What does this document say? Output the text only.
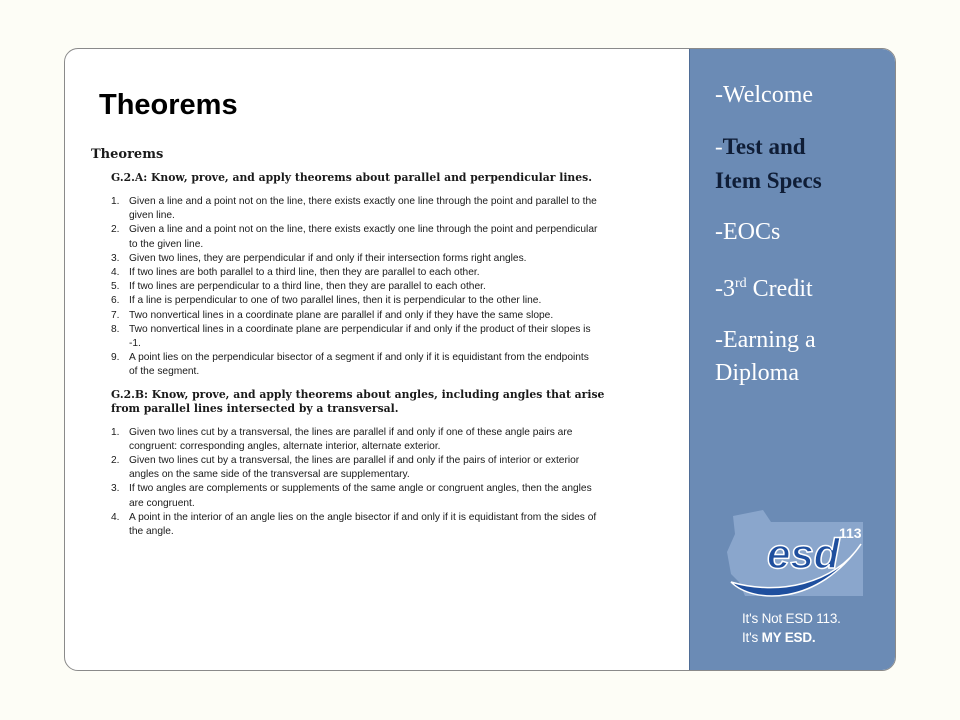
Theorems
Theorems
G.2.A: Know, prove, and apply theorems about parallel and perpendicular lines.
1. Given a line and a point not on the line, there exists exactly one line through the point and parallel to the given line.
2. Given a line and a point not on the line, there exists exactly one line through the point and perpendicular to the given line.
3. Given two lines, they are perpendicular if and only if their intersection forms right angles.
4. If two lines are both parallel to a third line, then they are parallel to each other.
5. If two lines are perpendicular to a third line, then they are parallel to each other.
6. If a line is perpendicular to one of two parallel lines, then it is perpendicular to the other line.
7. Two nonvertical lines in a coordinate plane are parallel if and only if they have the same slope.
8. Two nonvertical lines in a coordinate plane are perpendicular if and only if the product of their slopes is -1.
9. A point lies on the perpendicular bisector of a segment if and only if it is equidistant from the endpoints of the segment.
G.2.B: Know, prove, and apply theorems about angles, including angles that arise from parallel lines intersected by a transversal.
1. Given two lines cut by a transversal, the lines are parallel if and only if one of these angle pairs are congruent: corresponding angles, alternate interior, alternate exterior.
2. Given two lines cut by a transversal, the lines are parallel if and only if the pairs of interior or exterior angles on the same side of the transversal are supplementary.
3. If two angles are complements or supplements of the same angle or congruent angles, then the angles are congruent.
4. A point in the interior of an angle lies on the angle bisector if and only if it is equidistant from the sides of the angle.
-Welcome
-Test and
Item Specs
-EOCs
-3rd Credit
-Earning a
Diploma
esd 113
It's Not ESD 113.
It's MY ESD.
